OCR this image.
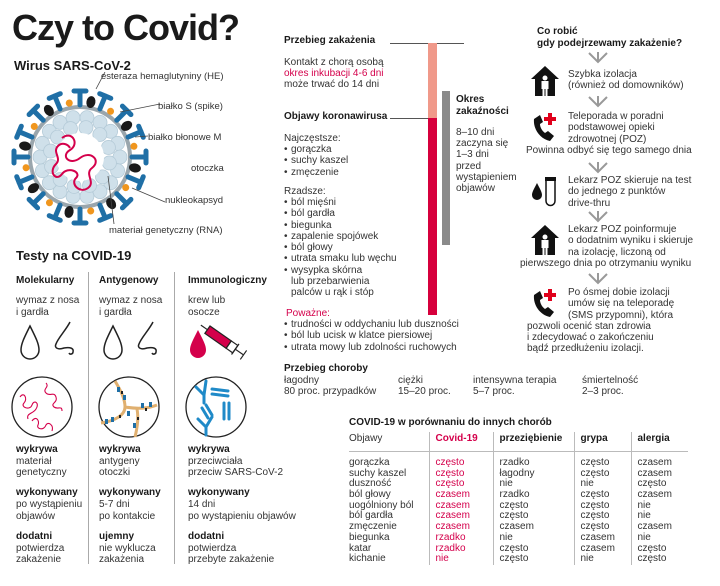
Czy to Covid?
Wirus SARS-CoV-2
esteraza hemaglutyniny (HE)
białko S (spike)
białko błonowe M
otoczka
nukleokapsyd
materiał genetyczny (RNA)
Testy na COVID-19
Molekularny
wymaz z nosa
i gardła
Antygenowy
wymaz z nosa
i gardła
Immunologiczny
krew lub
osocze
wykrywa
materiał
genetyczny
wykonywany
po wystąpieniu
objawów
dodatni
potwierdza
zakażenie
wykrywa
antygeny
otoczki
wykonywany
5-7 dni
po kontakcie
ujemny
nie wyklucza
zakażenia
wykrywa
przeciwciała
przeciw SARS-CoV-2
wykonywany
14 dni
po wystąpieniu objawów
dodatni
potwierdza
przebyte zakażenie
Przebieg zakażenia
Kontakt z chorą osobą
okres inkubacji 4-6 dni
może trwać do 14 dni
Okres
zakaźności
8–10 dni
zaczyna się
1–3 dni
przed
wystąpieniem
objawów
Objawy koronawirusa
Najczęstsze:
• gorączka
• suchy kaszel
• zmęczenie
Rzadsze:
• ból mięśni
• ból gardła
• biegunka
• zapalenie spojówek
• ból głowy
• utrata smaku lub węchu
• wysypka skórna
lub przebarwienia
palców u rąk i stóp
Poważne:
• trudności w oddychaniu lub duszności
• ból lub ucisk w klatce piersiowej
• utrata mowy lub zdolności ruchowych
Przebieg choroby
łagodny
80 proc. przypadków
ciężki
15–20 proc.
intensywna terapia
5–7 proc.
śmiertelność
2–3 proc.
Co robić
gdy podejrzewamy zakażenie?
Szybka izolacja
(również od domowników)
Teleporada w poradni
podstawowej opieki
zdrowotnej (POZ)
Powinna odbyć się tego samego dnia
Lekarz POZ skieruje na test
do jednego z punktów
drive-thru
Lekarz POZ poinformuje
o dodatnim wyniku i skieruje
na izolację, liczoną od
pierwszego dnia po otrzymaniu wyniku
Po ósmej dobie izolacji
umów się na teleporadę
(SMS przypomni), która
pozwoli ocenić stan zdrowia
i zdecydować o zakończeniu
bądź przedłużeniu izolacji.
COVID-19 w porównaniu do innych chorób
Objawy	Covid-19	przeziębienie	grypa	alergia
gorączka	często	rzadko	często	czasem
suchy kaszel	często	łagodny	często	czasem
duszność	często	nie	nie	często
ból głowy	czasem	rzadko	często	czasem
uogólniony ból	czasem	często	często	nie
ból gardła	czasem	często	często	nie
zmęczenie	czasem	czasem	często	czasem
biegunka	rzadko	nie	czasem	nie
katar	rzadko	często	czasem	często
kichanie	nie	często	nie	często
